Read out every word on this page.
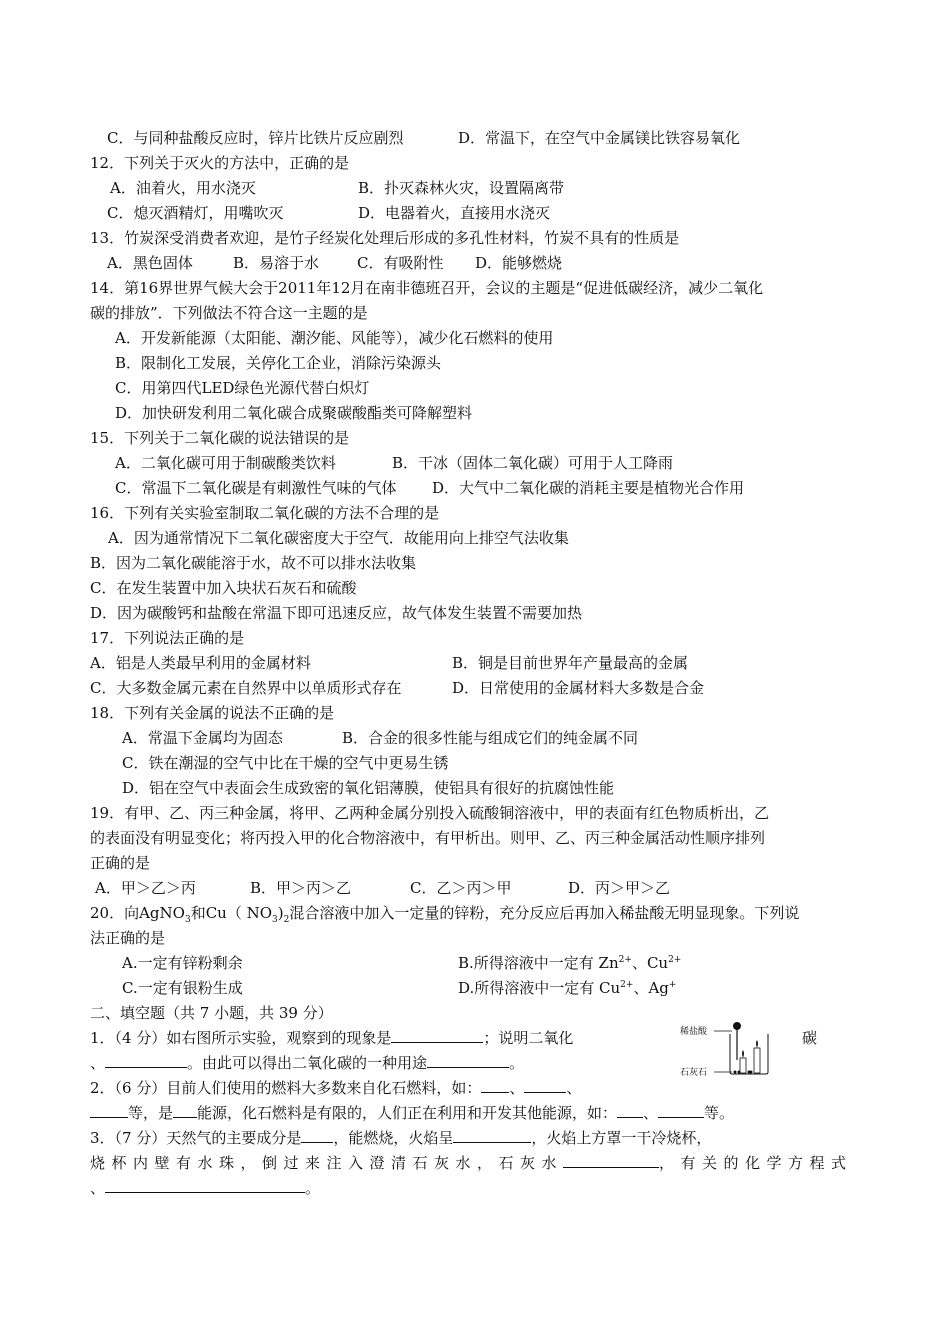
C．与同种盐酸反应时，锌片比铁片反应剧烈	D．常温下，在空气中金属镁比铁容易氧化
12．下列关于灭火的方法中，正确的是
A．油着火，用水浇灭	B．扑灭森林火灾，设置隔离带
C．熄灭酒精灯，用嘴吹灭	D．电器着火，直接用水浇灭
13．竹炭深受消费者欢迎，是竹子经炭化处理后形成的多孔性材料，竹炭不具有的性质是
A．黑色固体	B．易溶于水	C．有吸附性 D．能够燃烧
14．第16界世界气候大会于2011年12月在南非德班召开，会议的主题是“促进低碳经济，减少二氧化
碳的排放”．下列做法不符合这一主题的是
A．开发新能源（太阳能、潮汐能、风能等），减少化石燃料的使用
B．限制化工发展，关停化工企业，消除污染源头
C．用第四代LED绿色光源代替白炽灯
D．加快研发利用二氧化碳合成聚碳酸酯类可降解塑料
15．下列关于二氧化碳的说法错误的是
A．二氧化碳可用于制碳酸类饮料	B．干冰（固体二氧化碳）可用于人工降雨
C．常温下二氧化碳是有刺激性气味的气体 D．大气中二氧化碳的消耗主要是植物光合作用
16．下列有关实验室制取二氧化碳的方法不合理的是
A．因为通常情况下二氧化碳密度大于空气．故能用向上排空气法收集
B．因为二氧化碳能溶于水，故不可以排水法收集
C．在发生装置中加入块状石灰石和硫酸
D．因为碳酸钙和盐酸在常温下即可迅速反应，故气体发生装置不需要加热
17．下列说法正确的是
A．铝是人类最早利用的金属材料	B．铜是目前世界年产量最高的金属
C．大多数金属元素在自然界中以单质形式存在	D．日常使用的金属材料大多数是合金
18．下列有关金属的说法不正确的是
A．常温下金属均为固态	B．合金的很多性能与组成它们的纯金属不同
C．铁在潮湿的空气中比在干燥的空气中更易生锈
D．铝在空气中表面会生成致密的氧化铝薄膜，使铝具有很好的抗腐蚀性能
19．有甲、乙、丙三种金属，将甲、乙两种金属分别投入硫酸铜溶液中，甲的表面有红色物质析出，乙
的表面没有明显变化；将丙投入甲的化合物溶液中，有甲析出。则甲、乙、丙三种金属活动性顺序排列
正确的是
A．甲＞乙＞丙	B．甲＞丙＞乙	C．乙＞丙＞甲	D．丙＞甲＞乙
20．向AgNO$_3$和Cu（ $NO_3)_2$混合溶液中加入一定量的锌粉，充分反应后再加入稀盐酸无明显现象。下列说
法正确的是
A.一定有锌粉剩余	B.所得溶液中一定有 $Zn^{2+}$、$Cu^{2+}$
C.一定有银粉生成	D.所得溶液中一定有 $Cu^{2+}$、Ag+
二、填空题（共 7 小题，共 39 分）
1．（4 分）如右图所示实验，观察到的现象是	；说明二氧化	碳
、	。由此可以得出二氧化碳的一种用途	。
稀盐酸
石灰石
2．（6 分）目前人们使用的燃料大多数来自化石燃料，如： 、	、
等，是 能源，化石燃料是有限的，人们正在利用和开发其他能源，如： 、	等。
3．（7 分）天然气的主要成分是 ，能燃烧，火焰呈	，火焰上方罩一干冷烧杯，
烧杯内壁有水珠，倒过来注入澄清石灰水，石灰水	，有关的化学方程式
、	。
